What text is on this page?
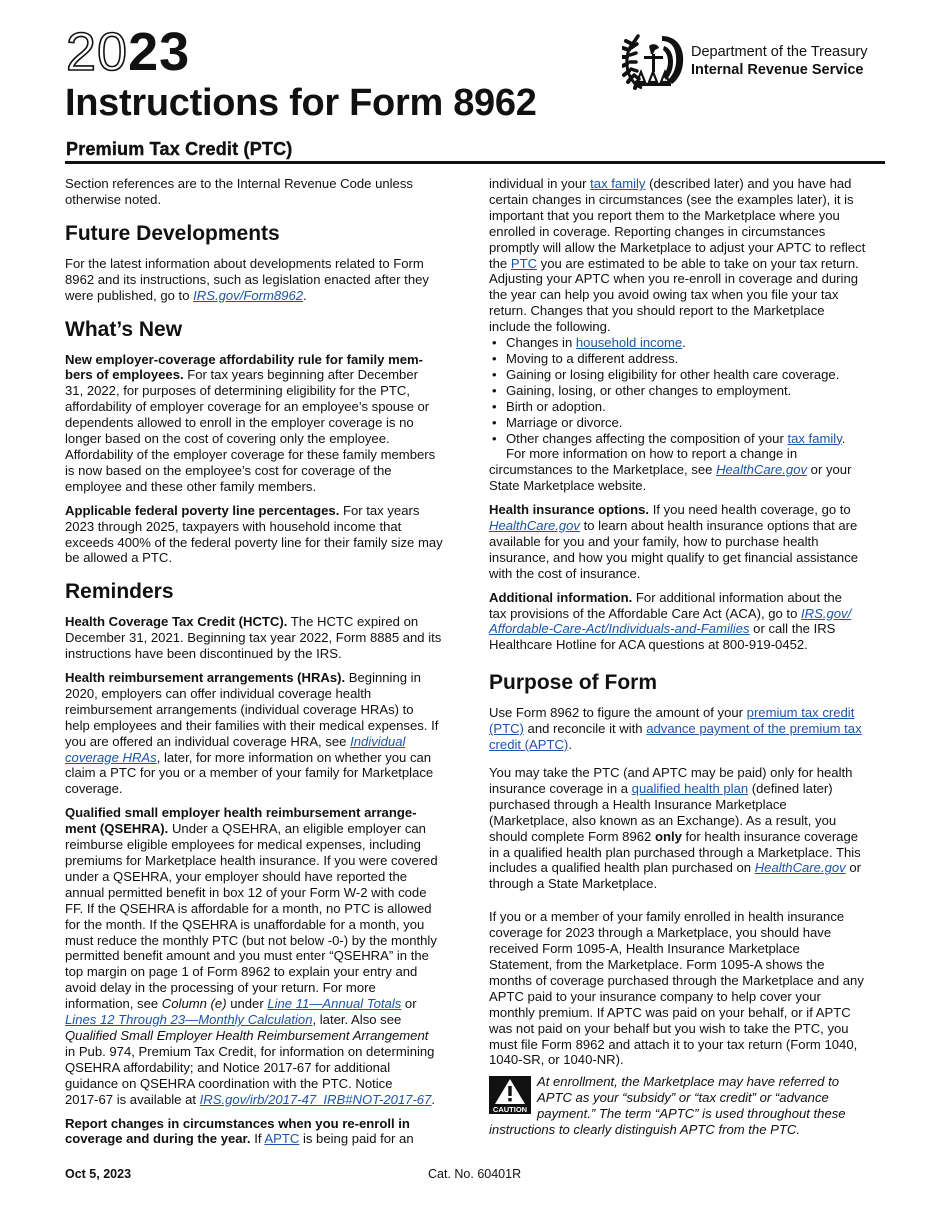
2023
Instructions for Form 8962
Premium Tax Credit (PTC)
Department of the Treasury
Internal Revenue Service

Section references are to the Internal Revenue Code unless
otherwise noted.

Future Developments

For the latest information about developments related to Form
8962 and its instructions, such as legislation enacted after they
were published, go to IRS.gov/Form8962.

What’s New

New employer-coverage affordability rule for family mem-
bers of employees. For tax years beginning after December
31, 2022, for purposes of determining eligibility for the PTC,
affordability of employer coverage for an employee’s spouse or
dependents allowed to enroll in the employer coverage is no
longer based on the cost of covering only the employee.
Affordability of the employer coverage for these family members
is now based on the employee’s cost for coverage of the
employee and these other family members.

Applicable federal poverty line percentages. For tax years
2023 through 2025, taxpayers with household income that
exceeds 400% of the federal poverty line for their family size may
be allowed a PTC.

Reminders

Health Coverage Tax Credit (HCTC). The HCTC expired on
December 31, 2021. Beginning tax year 2022, Form 8885 and its
instructions have been discontinued by the IRS.

Health reimbursement arrangements (HRAs). Beginning in
2020, employers can offer individual coverage health
reimbursement arrangements (individual coverage HRAs) to
help employees and their families with their medical expenses. If
you are offered an individual coverage HRA, see Individual
coverage HRAs, later, for more information on whether you can
claim a PTC for you or a member of your family for Marketplace
coverage.

Qualified small employer health reimbursement arrange-
ment (QSEHRA). Under a QSEHRA, an eligible employer can
reimburse eligible employees for medical expenses, including
premiums for Marketplace health insurance. If you were covered
under a QSEHRA, your employer should have reported the
annual permitted benefit in box 12 of your Form W-2 with code
FF. If the QSEHRA is affordable for a month, no PTC is allowed
for the month. If the QSEHRA is unaffordable for a month, you
must reduce the monthly PTC (but not below -0-) by the monthly
permitted benefit amount and you must enter “QSEHRA” in the
top margin on page 1 of Form 8962 to explain your entry and
avoid delay in the processing of your return. For more
information, see Column (e) under Line 11—Annual Totals or
Lines 12 Through 23—Monthly Calculation, later. Also see
Qualified Small Employer Health Reimbursement Arrangement
in Pub. 974, Premium Tax Credit, for information on determining
QSEHRA affordability; and Notice 2017-67 for additional
guidance on QSEHRA coordination with the PTC. Notice
2017-67 is available at IRS.gov/irb/2017-47_IRB#NOT-2017-67.

Report changes in circumstances when you re-enroll in
coverage and during the year. If APTC is being paid for an

individual in your tax family (described later) and you have had
certain changes in circumstances (see the examples later), it is
important that you report them to the Marketplace where you
enrolled in coverage. Reporting changes in circumstances
promptly will allow the Marketplace to adjust your APTC to reflect
the PTC you are estimated to be able to take on your tax return.
Adjusting your APTC when you re-enroll in coverage and during
the year can help you avoid owing tax when you file your tax
return. Changes that you should report to the Marketplace
include the following.

• Changes in household income.
• Moving to a different address.
• Gaining or losing eligibility for other health care coverage.
• Gaining, losing, or other changes to employment.
• Birth or adoption.
• Marriage or divorce.
• Other changes affecting the composition of your tax family.

For more information on how to report a change in
circumstances to the Marketplace, see HealthCare.gov or your
State Marketplace website.

Health insurance options. If you need health coverage, go to
HealthCare.gov to learn about health insurance options that are
available for you and your family, how to purchase health
insurance, and how you might qualify to get financial assistance
with the cost of insurance.

Additional information. For additional information about the
tax provisions of the Affordable Care Act (ACA), go to IRS.gov/
Affordable-Care-Act/Individuals-and-Families or call the IRS
Healthcare Hotline for ACA questions at 800-919-0452.

Purpose of Form

Use Form 8962 to figure the amount of your premium tax credit
(PTC) and reconcile it with advance payment of the premium tax
credit (APTC).

You may take the PTC (and APTC may be paid) only for health
insurance coverage in a qualified health plan (defined later)
purchased through a Health Insurance Marketplace
(Marketplace, also known as an Exchange). As a result, you
should complete Form 8962 only for health insurance coverage
in a qualified health plan purchased through a Marketplace. This
includes a qualified health plan purchased on HealthCare.gov or
through a State Marketplace.

If you or a member of your family enrolled in health insurance
coverage for 2023 through a Marketplace, you should have
received Form 1095-A, Health Insurance Marketplace
Statement, from the Marketplace. Form 1095-A shows the
months of coverage purchased through the Marketplace and any
APTC paid to your insurance company to help cover your
monthly premium. If APTC was paid on your behalf, or if APTC
was not paid on your behalf but you wish to take the PTC, you
must file Form 8962 and attach it to your tax return (Form 1040,
1040-SR, or 1040-NR).

CAUTION

At enrollment, the Marketplace may have referred to
APTC as your “subsidy” or “tax credit” or “advance
payment.” The term “APTC” is used throughout these
instructions to clearly distinguish APTC from the PTC.

Oct 5, 2023	Cat. No. 60401R
